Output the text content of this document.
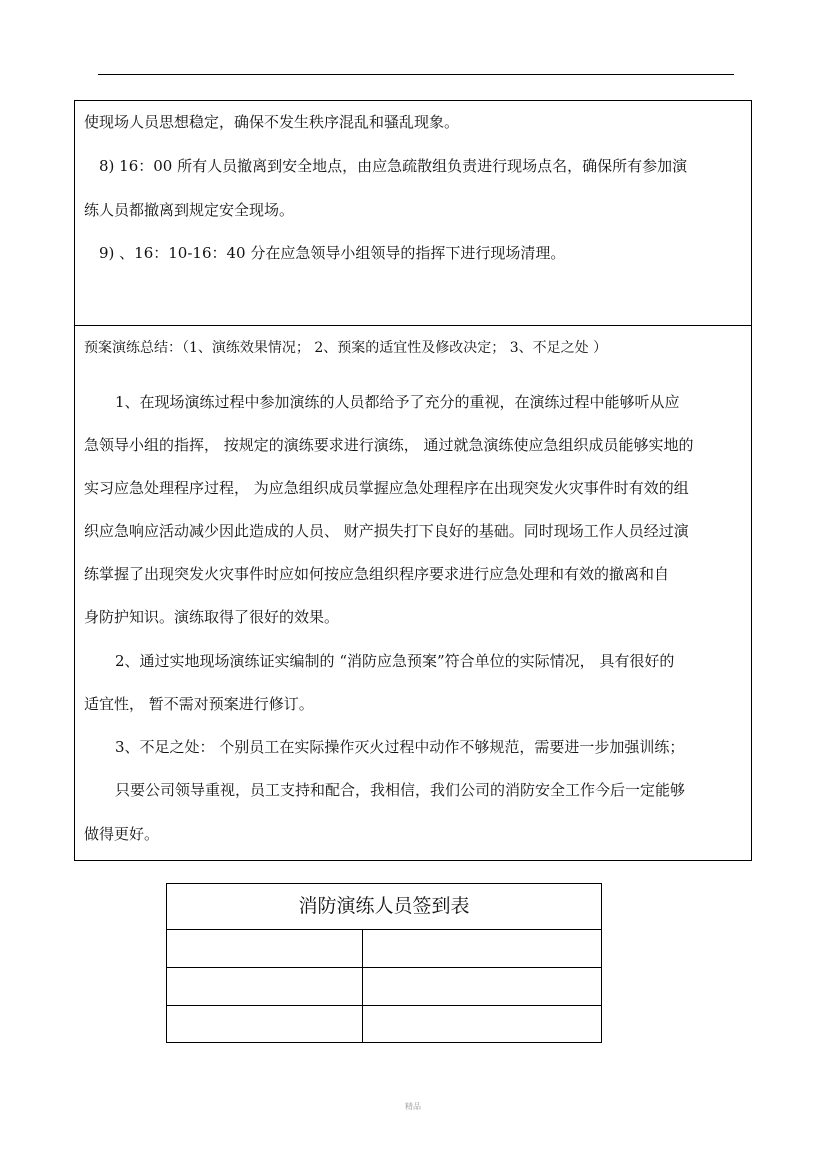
使现场人员思想稳定，确保不发生秩序混乱和骚乱现象。
8) 16：00 所有人员撤离到安全地点，由应急疏散组负责进行现场点名，确保所有参加演
练人员都撤离到规定安全现场。
9) 、16：10-16：40 分在应急领导小组领导的指挥下进行现场清理。
预案演练总结：（1、演练效果情况； 2、预案的适宜性及修改决定； 3、不足之处 ）
1、在现场演练过程中参加演练的人员都给予了充分的重视，在演练过程中能够听从应
急领导小组的指挥， 按规定的演练要求进行演练， 通过就急演练使应急组织成员能够实地的
实习应急处理程序过程， 为应急组织成员掌握应急处理程序在出现突发火灾事件时有效的组
织应急响应活动减少因此造成的人员、 财产损失打下良好的基础。同时现场工作人员经过演
练掌握了出现突发火灾事件时应如何按应急组织程序要求进行应急处理和有效的撤离和自
身防护知识。演练取得了很好的效果。
2、通过实地现场演练证实编制的 “消防应急预案”符合单位的实际情况， 具有很好的
适宜性， 暂不需对预案进行修订。
3、不足之处： 个别员工在实际操作灭火过程中动作不够规范，需要进一步加强训练；
只要公司领导重视，员工支持和配合，我相信，我们公司的消防安全工作今后一定能够
做得更好。
消防演练人员签到表
精品
